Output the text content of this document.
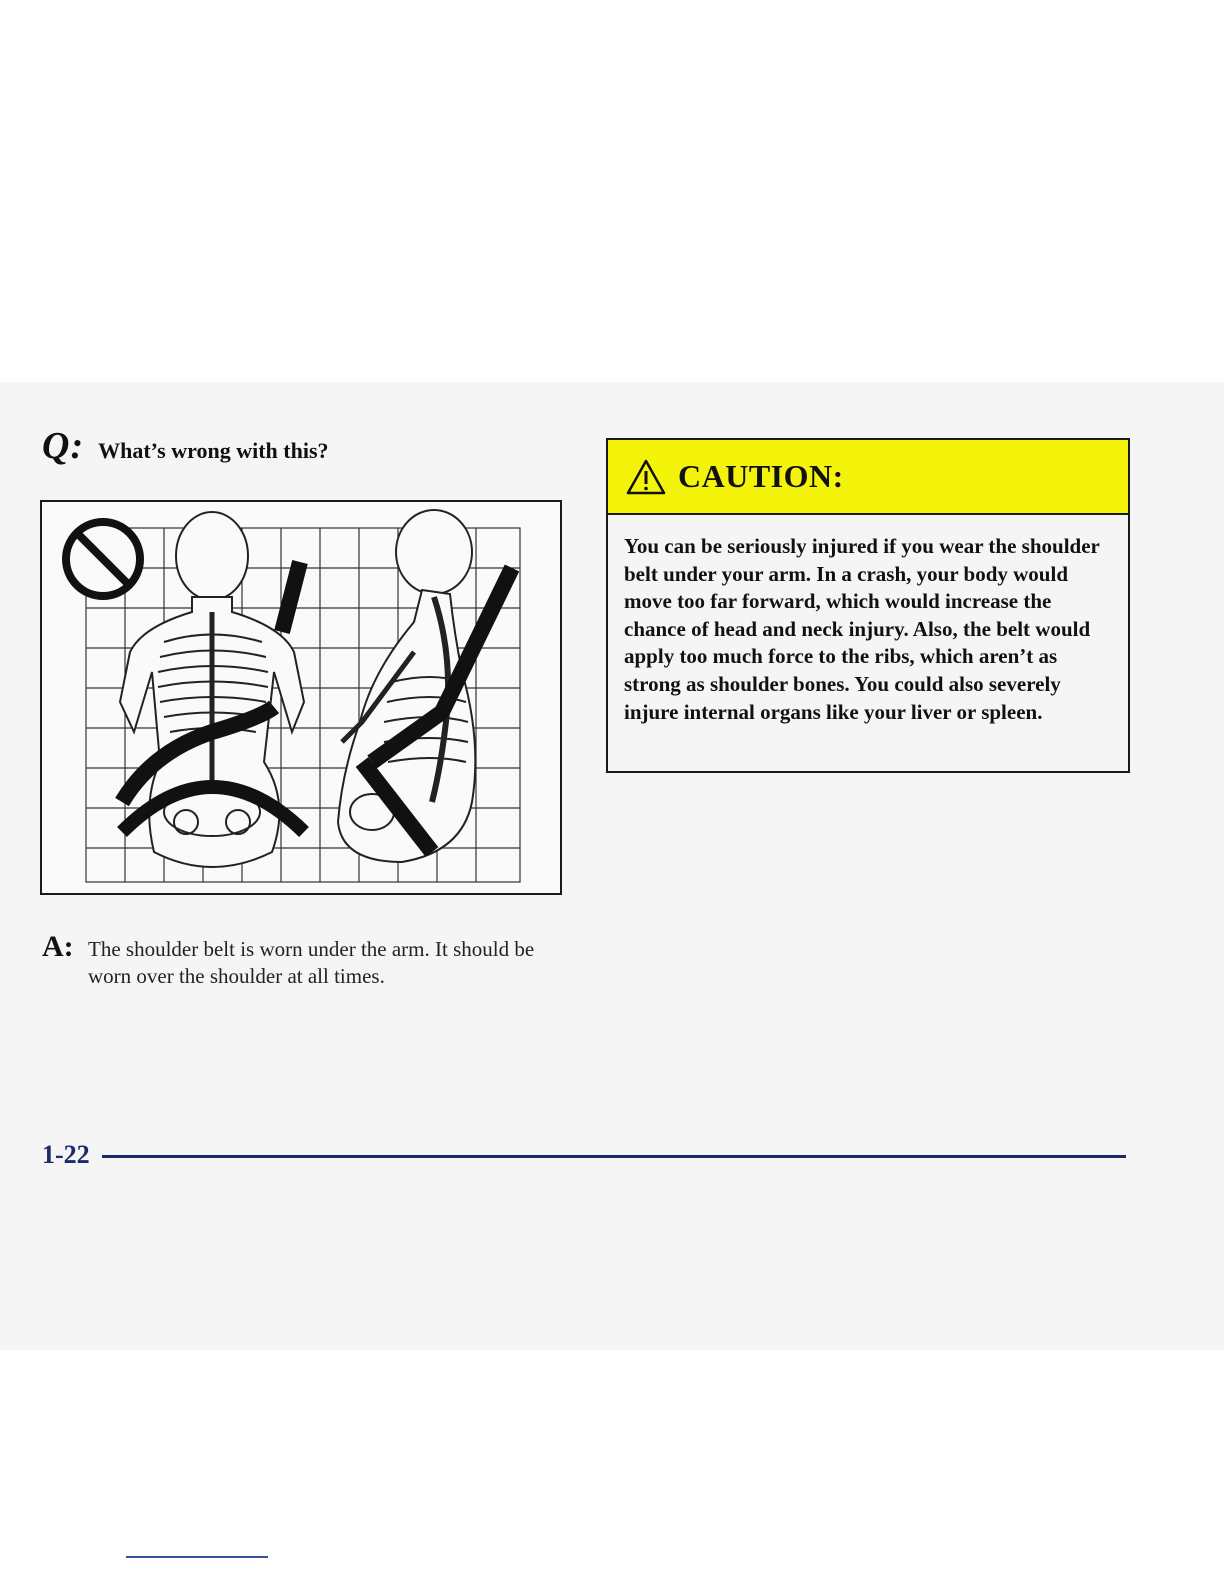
Q: What’s wrong with this?
A: The shoulder belt is worn under the arm. It should be worn over the shoulder at all times.
CAUTION:
You can be seriously injured if you wear the shoulder belt under your arm. In a crash, your body would move too far forward, which would increase the chance of head and neck injury. Also, the belt would apply too much force to the ribs, which aren’t as strong as shoulder bones. You could also severely injure internal organs like your liver or spleen.
1-22
